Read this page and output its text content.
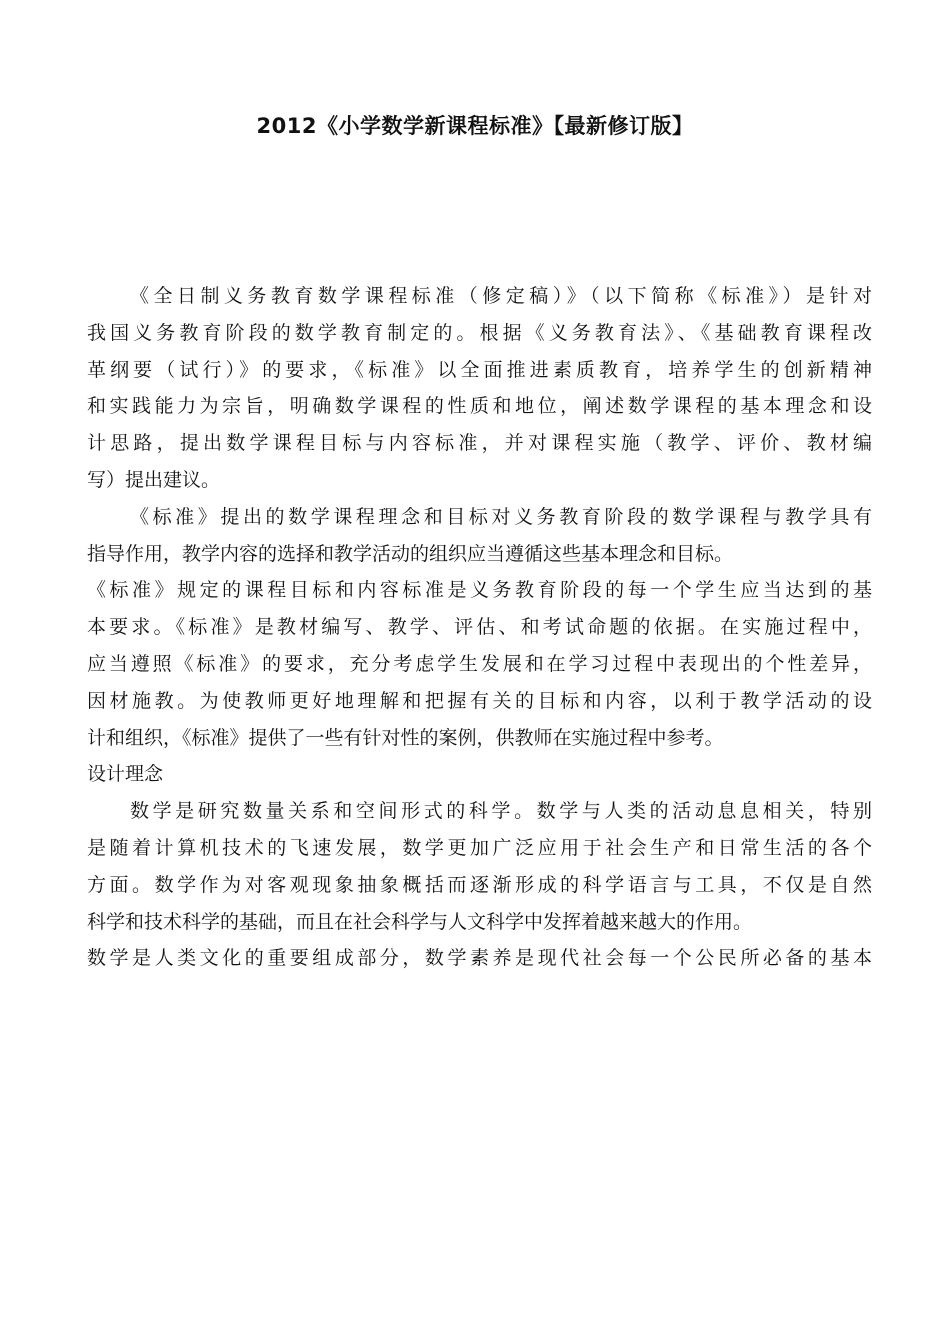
2012《小学数学新课程标准》【最新修订版】
《全日制义务教育数学课程标准（修定稿）》（以下简称《标准》）是针对
我国义务教育阶段的数学教育制定的。根据《义务教育法》、《基础教育课程改
革纲要（试行）》的要求，《标准》以全面推进素质教育，培养学生的创新精神
和实践能力为宗旨，明确数学课程的性质和地位，阐述数学课程的基本理念和设
计思路，提出数学课程目标与内容标准，并对课程实施（教学、评价、教材编
写）提出建议。
《标准》提出的数学课程理念和目标对义务教育阶段的数学课程与教学具有
指导作用，教学内容的选择和教学活动的组织应当遵循这些基本理念和目标。
《标准》规定的课程目标和内容标准是义务教育阶段的每一个学生应当达到的基
本要求。《标准》是教材编写、教学、评估、和考试命题的依据。在实施过程中，
应当遵照《标准》的要求，充分考虑学生发展和在学习过程中表现出的个性差异，
因材施教。为使教师更好地理解和把握有关的目标和内容，以利于教学活动的设
计和组织，《标准》提供了一些有针对性的案例，供教师在实施过程中参考。
设计理念
数学是研究数量关系和空间形式的科学。数学与人类的活动息息相关，特别
是随着计算机技术的飞速发展，数学更加广泛应用于社会生产和日常生活的各个
方面。数学作为对客观现象抽象概括而逐渐形成的科学语言与工具，不仅是自然
科学和技术科学的基础，而且在社会科学与人文科学中发挥着越来越大的作用。
数学是人类文化的重要组成部分，数学素养是现代社会每一个公民所必备的基本
